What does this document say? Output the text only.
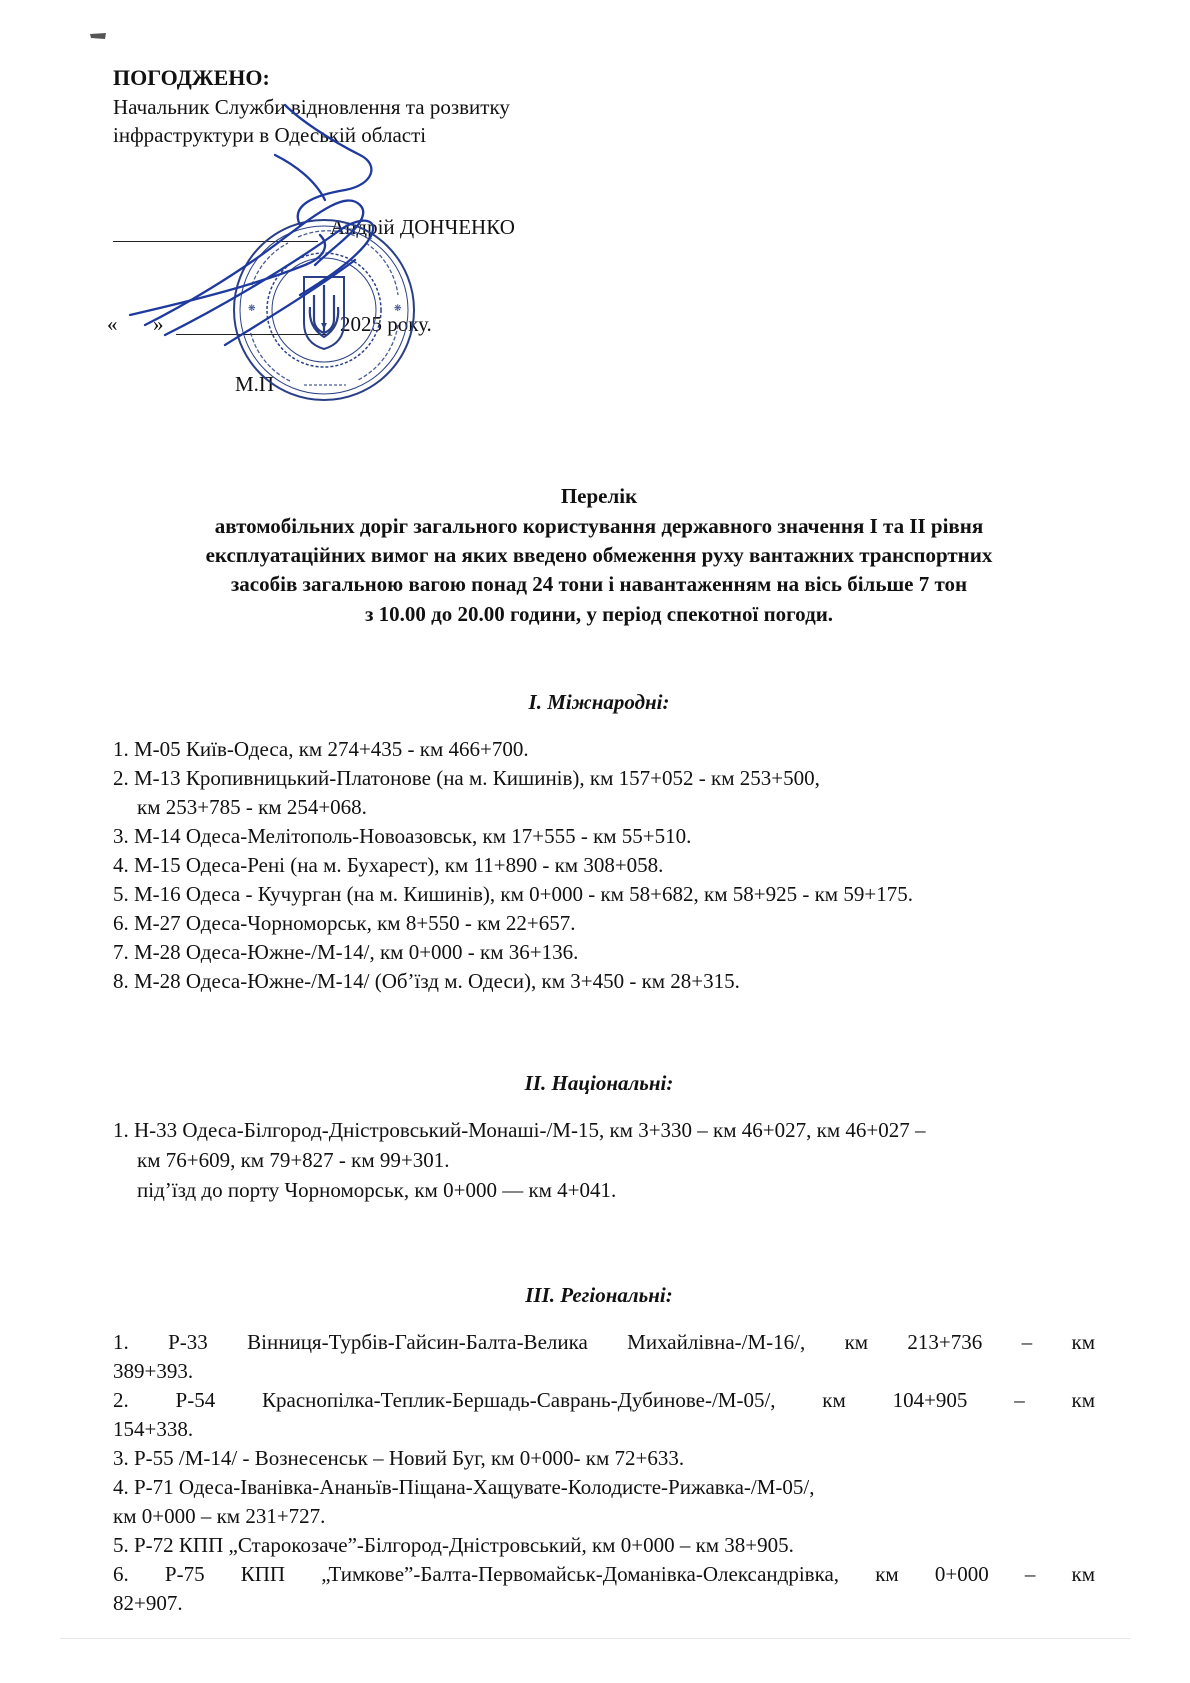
ПОГОДЖЕНО:
Начальник Служби відновлення та розвитку
інфраструктури в Одеській області
Андрій ДОНЧЕНКО
« »	2025 року.
М.П
❋	❋
Перелік
автомобільних доріг загального користування державного значення I та II рівня
експлуатаційних вимог на яких введено обмеження руху вантажних транспортних
засобів загальною вагою понад 24 тони і навантаженням на вісь більше 7 тон
з 10.00 до 20.00 години, у період спекотної погоди.
І. Міжнародні:
1. М-05 Київ-Одеса, км 274+435 - км 466+700.
2. М-13 Кропивницький-Платонове (на м. Кишинів), км 157+052 - км 253+500,
км 253+785 - км 254+068.
3. М-14 Одеса-Мелітополь-Новоазовськ, км 17+555 - км 55+510.
4. М-15 Одеса-Рені (на м. Бухарест), км 11+890 - км 308+058.
5. М-16 Одеса - Кучурган (на м. Кишинів), км 0+000 - км 58+682, км 58+925 - км 59+175.
6. М-27 Одеса-Чорноморськ, км 8+550 - км 22+657.
7. М-28 Одеса-Южне-/М-14/, км 0+000 - км 36+136.
8. М-28 Одеса-Южне-/М-14/ (Об’їзд м. Одеси), км 3+450 - км 28+315.
ІІ. Національні:
1. Н-33 Одеса-Білгород-Дністровський-Монаші-/М-15, км 3+330 – км 46+027, км 46+027 –
км 76+609, км 79+827 - км 99+301.
під’їзд до порту Чорноморськ, км 0+000 — км 4+041.
ІІІ. Регіональні:
1. Р-33 Вінниця-Турбів-Гайсин-Балта-Велика Михайлівна-/М-16/, км 213+736 – км
389+393.
2. Р-54 Краснопілка-Теплик-Бершадь-Саврань-Дубинове-/М-05/, км 104+905 – км
154+338.
3. Р-55 /М-14/ - Вознесенськ – Новий Буг, км 0+000- км 72+633.
4. Р-71 Одеса-Іванівка-Ананьїв-Піщана-Хащувате-Колодисте-Рижавка-/М-05/,
км 0+000 – км 231+727.
5. Р-72 КПП „Старокозаче”-Білгород-Дністровський, км 0+000 – км 38+905.
6. Р-75 КПП „Тимкове”-Балта-Первомайськ-Доманівка-Олександрівка, км 0+000 – км
82+907.
